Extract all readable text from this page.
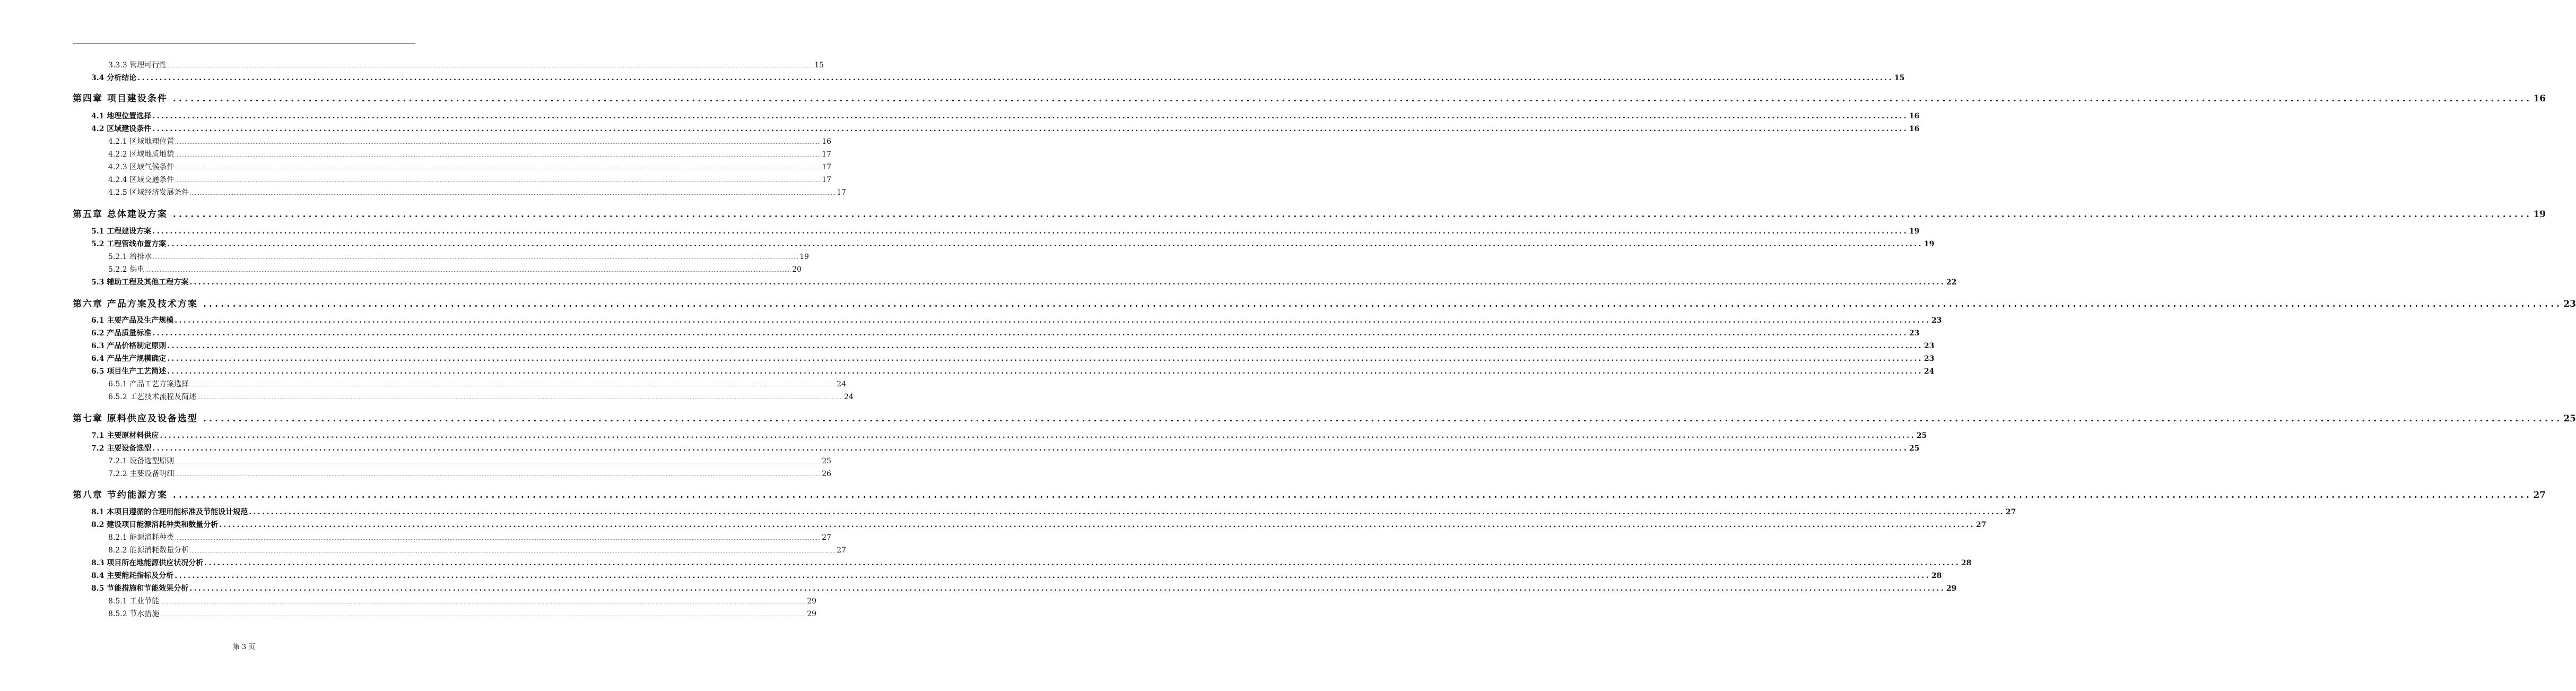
3.3.3 管理可行性 ................................................................................................................................................................................................................................................................................................................................................................................................................ 15
3.4 分析结论 ................................................................................................................................................................................................................................................................................................................................................................................................................ 15
第四章 项目建设条件 ................................................................................................................................................................................................................................................................................................................................................................................................................ 16
4.1 地理位置选择 ................................................................................................................................................................................................................................................................................................................................................................................................................ 16
4.2 区域建设条件 ................................................................................................................................................................................................................................................................................................................................................................................................................ 16
4.2.1 区域地理位置 ................................................................................................................................................................................................................................................................................................................................................................................................................ 16
4.2.2 区域地质地貌 ................................................................................................................................................................................................................................................................................................................................................................................................................ 17
4.2.3 区域气候条件 ................................................................................................................................................................................................................................................................................................................................................................................................................ 17
4.2.4 区域交通条件 ................................................................................................................................................................................................................................................................................................................................................................................................................ 17
4.2.5 区域经济发展条件 ................................................................................................................................................................................................................................................................................................................................................................................................................ 17
第五章 总体建设方案 ................................................................................................................................................................................................................................................................................................................................................................................................................ 19
5.1 工程建设方案 ................................................................................................................................................................................................................................................................................................................................................................................................................ 19
5.2 工程管线布置方案 ................................................................................................................................................................................................................................................................................................................................................................................................................ 19
5.2.1 给排水 ................................................................................................................................................................................................................................................................................................................................................................................................................ 19
5.2.2 供电 ................................................................................................................................................................................................................................................................................................................................................................................................................ 20
5.3 辅助工程及其他工程方案 ................................................................................................................................................................................................................................................................................................................................................................................................................ 22
第六章 产品方案及技术方案 ................................................................................................................................................................................................................................................................................................................................................................................................................ 23
6.1 主要产品及生产规模 ................................................................................................................................................................................................................................................................................................................................................................................................................ 23
6.2 产品质量标准 ................................................................................................................................................................................................................................................................................................................................................................................................................ 23
6.3 产品价格制定原则 ................................................................................................................................................................................................................................................................................................................................................................................................................ 23
6.4 产品生产规模确定 ................................................................................................................................................................................................................................................................................................................................................................................................................ 23
6.5 项目生产工艺简述 ................................................................................................................................................................................................................................................................................................................................................................................................................ 24
6.5.1 产品工艺方案选择 ................................................................................................................................................................................................................................................................................................................................................................................................................ 24
6.5.2 工艺技术流程及简述 ................................................................................................................................................................................................................................................................................................................................................................................................................ 24
第七章 原料供应及设备选型 ................................................................................................................................................................................................................................................................................................................................................................................................................ 25
7.1 主要原材料供应 ................................................................................................................................................................................................................................................................................................................................................................................................................ 25
7.2 主要设备选型 ................................................................................................................................................................................................................................................................................................................................................................................................................ 25
7.2.1 设备选型原则 ................................................................................................................................................................................................................................................................................................................................................................................................................ 25
7.2.2 主要设备明细 ................................................................................................................................................................................................................................................................................................................................................................................................................ 26
第八章 节约能源方案 ................................................................................................................................................................................................................................................................................................................................................................................................................ 27
8.1 本项目遵循的合理用能标准及节能设计规范 ................................................................................................................................................................................................................................................................................................................................................................................................................ 27
8.2 建设项目能源消耗种类和数量分析 ................................................................................................................................................................................................................................................................................................................................................................................................................ 27
8.2.1 能源消耗种类 ................................................................................................................................................................................................................................................................................................................................................................................................................ 27
8.2.2 能源消耗数量分析 ................................................................................................................................................................................................................................................................................................................................................................................................................ 27
8.3 项目所在地能源供应状况分析 ................................................................................................................................................................................................................................................................................................................................................................................................................ 28
8.4 主要能耗指标及分析 ................................................................................................................................................................................................................................................................................................................................................................................................................ 28
8.5 节能措施和节能效果分析 ................................................................................................................................................................................................................................................................................................................................................................................................................ 29
8.5.1 工业节能 ................................................................................................................................................................................................................................................................................................................................................................................................................ 29
8.5.2 节水措施 ................................................................................................................................................................................................................................................................................................................................................................................................................ 29
第 3 页
